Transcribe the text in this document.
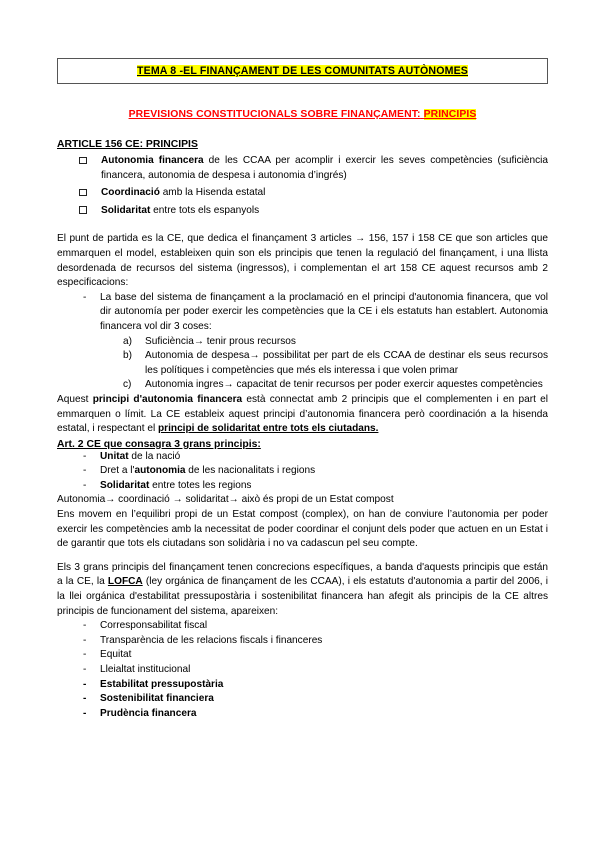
TEMA 8 -EL FINANÇAMENT DE LES COMUNITATS AUTÒNOMES
PREVISIONS CONSTITUCIONALS SOBRE FINANÇAMENT: PRINCIPIS
ARTICLE 156 CE: PRINCIPIS
Autonomia financera de les CCAA per acomplir i exercir les seves competències (suficiència financera, autonomia de despesa i autonomia d’ingrés)
Coordinació amb la Hisenda estatal
Solidaritat entre tots els espanyols

El punt de partida es la CE, que dedica el finançament 3 articles → 156, 157 i 158 CE que son articles que emmarquen el model, estableixen quin son els principis que tenen la regulació del finançament, i una llista desordenada de recursos del sistema (ingressos), i complementan el art 158 CE aquest recursos amb 2 especificacions:

- La base del sistema de finançament a la proclamació en el principi d'autonomia financera, que vol dir autonomía per poder exercir les competències que la CE i els estatuts han establert. Autonomia financera vol dir 3 coses:
a) Suficiència→ tenir prous recursos
b) Autonomia de despesa→ possibilitat per part de els CCAA de destinar els seus recursos les polítiques i competències que més els interessa i que volen primar
c) Autonomia ingres→ capacitat de tenir recursos per poder exercir aquestes competències

Aquest principi d'autonomia financera està connectat amb 2 principis que el complementen i en part el emmarquen o límit. La CE estableix aquest principi d’autonomia financera però coordinación a la hisenda estatal, i respectant el principi de solidaritat entre tots els ciutadans.

Art. 2 CE que consagra 3 grans principis:
- Unitat de la nació
- Dret a l'autonomia de les nacionalitats i regions
- Solidaritat entre totes les regions

Autonomia→ coordinació → solidaritat→ això és propi de un Estat compost

Ens movem en l’equilibri propi de un Estat compost (complex), on han de conviure l’autonomia per poder exercir les competències amb la necessitat de poder coordinar el conjunt dels poder que actuen en un Estat i de garantir que tots els ciutadans son solidària i no va cadascun pel seu compte.

Els 3 grans principis del finançament tenen concrecions específiques, a banda d'aquests principis que están a la CE, la LOFCA (ley orgánica de finançament de les CCAA), i els estatuts d'autonomia a partir del 2006, i la llei orgánica d'estabilitat pressupostària i sostenibilitat financera han afegit als principis de la CE altres principis de funcionament del sistema, apareixen:

- Corresponsabilitat fiscal
- Transparència de les relacions fiscals i financeres
- Equitat
- Lleialtat institucional
- Estabilitat pressupostària
- Sostenibilitat financiera
- Prudència financera
